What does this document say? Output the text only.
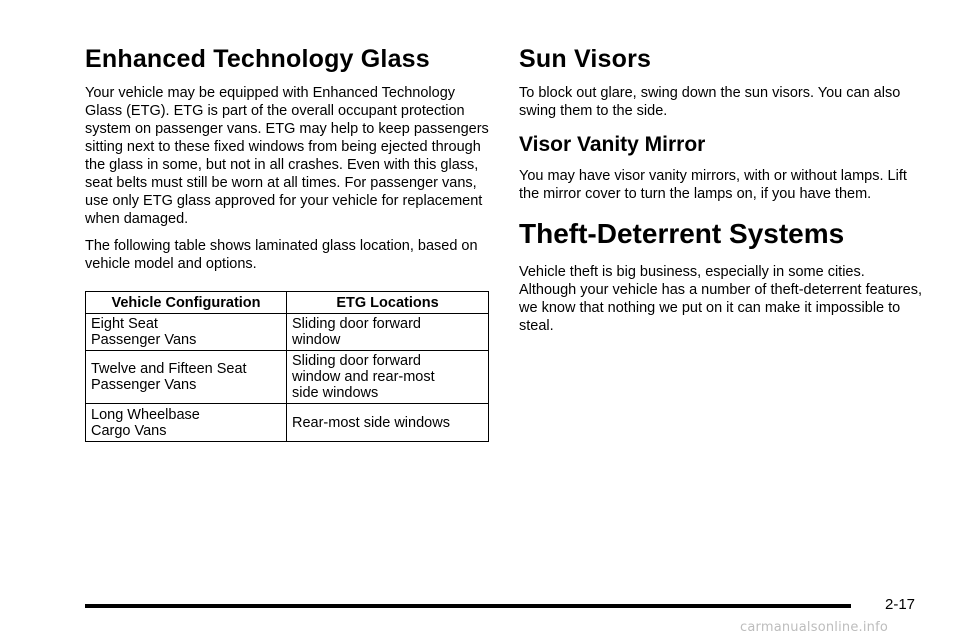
Enhanced Technology Glass

Your vehicle may be equipped with Enhanced Technology Glass (ETG). ETG is part of the overall occupant protection system on passenger vans. ETG may help to keep passengers sitting next to these fixed windows from being ejected through the glass in some, but not in all crashes. Even with this glass, seat belts must still be worn at all times. For passenger vans, use only ETG glass approved for your vehicle for replacement when damaged.

The following table shows laminated glass location, based on vehicle model and options.

Vehicle Configuration	ETG Locations

Eight Seat
Passenger Vans	Sliding door forward
window

Twelve and Fifteen Seat
Passenger Vans	Sliding door forward
window and rear-most
side windows

Long Wheelbase
Cargo Vans	Rear-most side windows
Sun Visors

To block out glare, swing down the sun visors. You can also swing them to the side.

Visor Vanity Mirror

You may have visor vanity mirrors, with or without lamps. Lift the mirror cover to turn the lamps on, if you have them.

Theft-Deterrent Systems

Vehicle theft is big business, especially in some cities. Although your vehicle has a number of theft-deterrent features, we know that nothing we put on it can make it impossible to steal.

2-17
carmanualsonline.info
